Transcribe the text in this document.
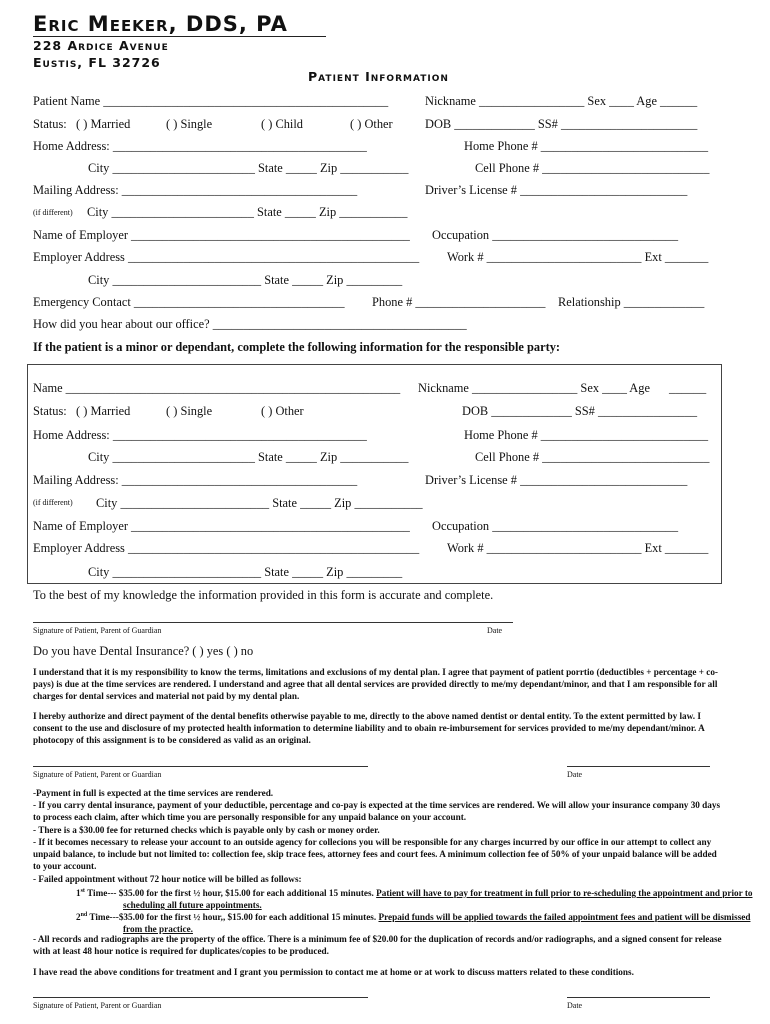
Eric Meeker, DDS, PA
228 Ardice Avenue
Eustis, FL 32726
Patient Information
Patient Name ______________________________________________	Nickname _________________ Sex ____ Age ______
Status: ( ) Married	( ) Single	( ) Child	( ) Other	DOB _____________ SS# ______________________
Home Address: _________________________________________	Home Phone # ___________________________
City _______________________ State _____ Zip ___________	Cell Phone # ___________________________
Mailing Address: ______________________________________	Driver’s License # ___________________________
(if different) City _______________________ State _____ Zip ___________
Name of Employer _____________________________________________ Occupation ______________________________
Employer Address _______________________________________________ Work # _________________________ Ext _______
City ________________________ State _____ Zip _________
Emergency Contact __________________________________ Phone # _____________________ Relationship _____________
How did you hear about our office? _________________________________________
If the patient is a minor or dependant, complete the following information for the responsible party:
Name ______________________________________________________ Nickname _________________ Sex ____ Age ______
Status: ( ) Married	( ) Single	( ) Other	DOB _____________ SS# ________________
Home Address: _________________________________________	Home Phone # ___________________________
City _______________________ State _____ Zip ___________	Cell Phone # ___________________________
Mailing Address: ______________________________________	Driver’s License # ___________________________
(if different) City ________________________ State _____ Zip ___________
Name of Employer _____________________________________________ Occupation ______________________________
Employer Address _______________________________________________ Work # _________________________ Ext _______
City ________________________ State _____ Zip _________
To the best of my knowledge the information provided in this form is accurate and complete.
Signature of Patient, Parent of Guardian	Date
Do you have Dental Insurance? ( ) yes ( ) no
I understand that it is my responsibility to know the terms, limitations and exclusions of my dental plan. I agree that payment of patient porrtio (deductibles + percentage + co-pays) is due at the time services are rendered. I understand and agree that all dental services are provided directly to me/my dependant/minor, and that I am responsible for all charges for dental services and material not paid by my dental plan.
I hereby authorize and direct payment of the dental benefits otherwise payable to me, directly to the above named dentist or dental entity. To the extent permitted by law. I consent to the use and disclosure of my protected health information to determine liability and to obain re-imbursement for services provided to me/my dependant/minor. A photocopy of this assignment is to be considered as valid as an original.
Signature of Patient, Parent or Guardian	Date
-Payment in full is expected at the time services are rendered.
- If you carry dental insurance, payment of your deductible, percentage and co-pay is expected at the time services are rendered. We will allow your insurance company 30 days to process each claim, after which time you are personally responsible for any unpaid balance on your account.
- There is a $30.00 fee for returned checks which is payable only by cash or money order.
- If it becomes necessary to release your account to an outside agency for collecions you will be responsible for any charges incurred by our office in our attempt to collect any unpaid balance, to include but not limited to: collection fee, skip trace fees, attorney fees and court fees. A minimum collection fee of 50% of your unpaid balance will be added to your account.
- Failed appointment without 72 hour notice will be billed as follows:
1st Time--- $35.00 for the first ½ hour, $15.00 for each additional 15 minutes. Patient will have to pay for treatment in full prior to re-scheduling the appointment and prior to scheduling all future appointments.
2nd Time---$35.00 for the first ½ hour,, $15.00 for each additional 15 minutes. Prepaid funds will be applied towards the failed appointment fees and patient will be dismissed from the practice.
- All records and radiographs are the property of the office. There is a minimum fee of $20.00 for the duplication of records and/or radiographs, and a signed consent for release with at least 48 hour notice is required for duplicates/copies to be produced.
I have read the above conditions for treatment and I grant you permission to contact me at home or at work to discuss matters related to these conditions.
Signature of Patient, Parent or Guardian	Date
